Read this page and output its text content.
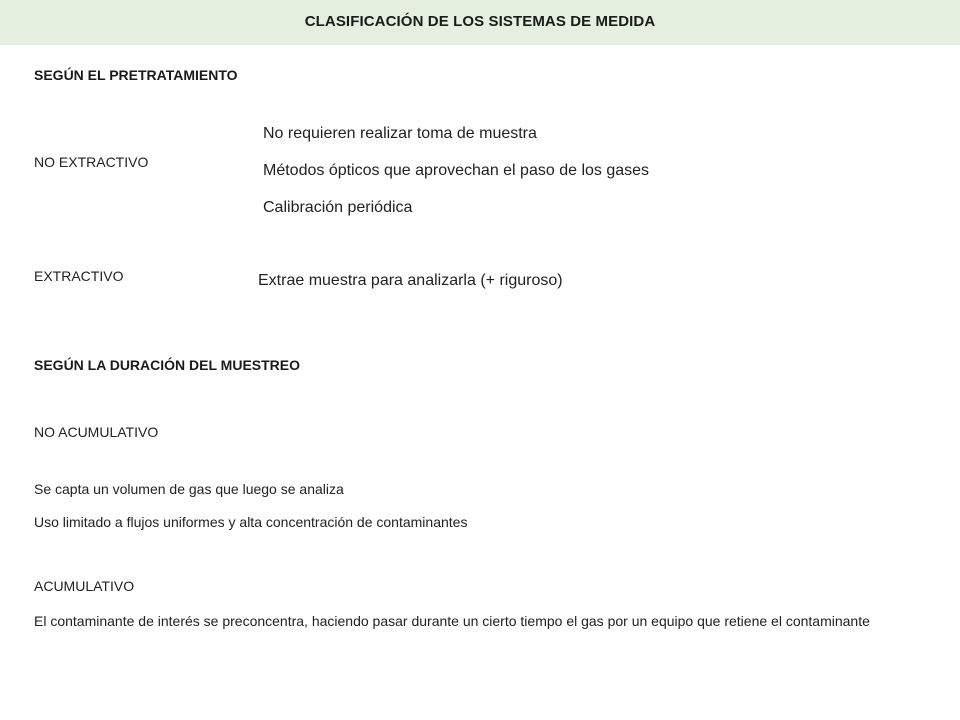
CLASIFICACIÓN DE LOS SISTEMAS DE MEDIDA
SEGÚN EL PRETRATAMIENTO
NO EXTRACTIVO
No requieren realizar toma de muestra
Métodos ópticos que aprovechan el paso de los gases
Calibración periódica
EXTRACTIVO	Extrae muestra para analizarla (+ riguroso)
SEGÚN LA DURACIÓN DEL MUESTREO
NO ACUMULATIVO
Se capta un volumen de gas que luego se analiza
Uso limitado a flujos uniformes y alta concentración de contaminantes
ACUMULATIVO
El contaminante de interés se preconcentra, haciendo pasar durante un cierto tiempo el gas por un equipo que retiene el contaminante
